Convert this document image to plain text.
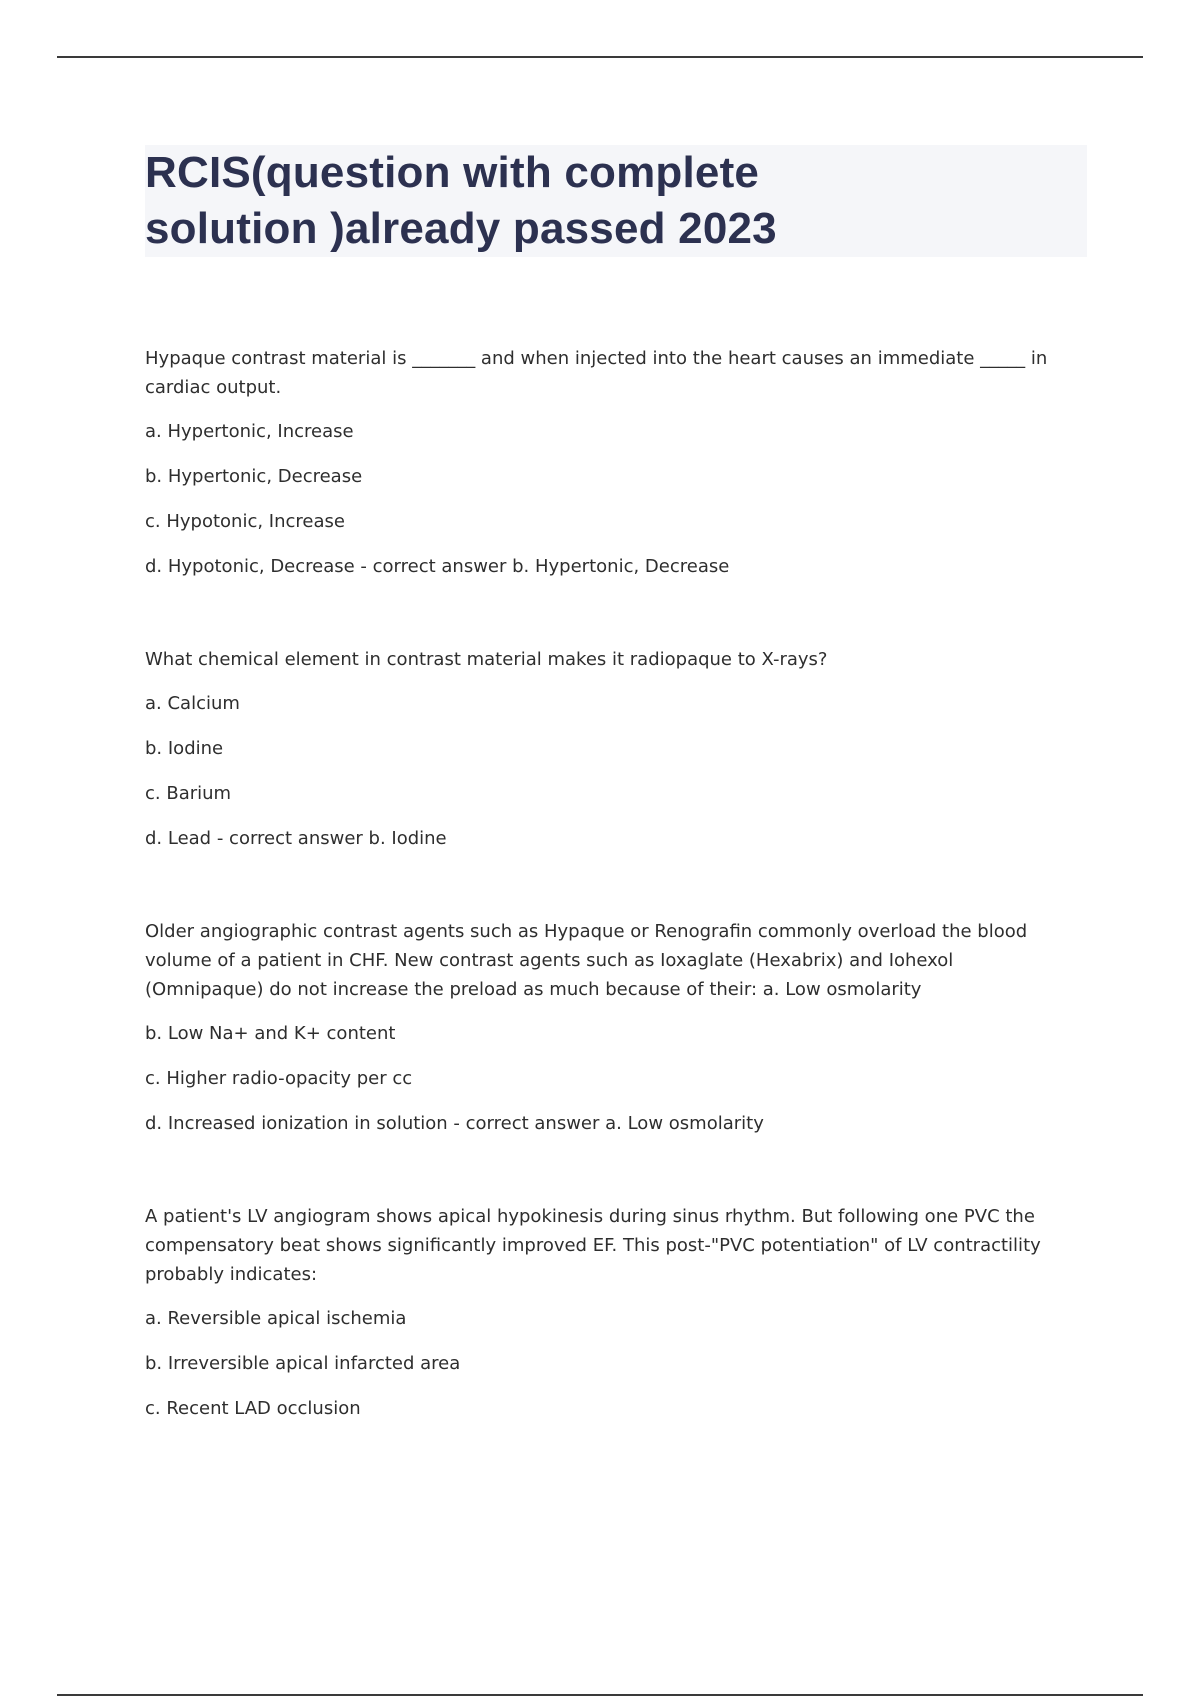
RCIS(question with complete
solution )already passed 2023

Hypaque contrast material is _______ and when injected into the heart causes an immediate _____ in cardiac output.

a. Hypertonic, Increase

b. Hypertonic, Decrease

c. Hypotonic, Increase

d. Hypotonic, Decrease - correct answer b. Hypertonic, Decrease

What chemical element in contrast material makes it radiopaque to X-rays?

a. Calcium

b. Iodine

c. Barium

d. Lead - correct answer b. Iodine

Older angiographic contrast agents such as Hypaque or Renografin commonly overload the blood volume of a patient in CHF. New contrast agents such as Ioxaglate (Hexabrix) and Iohexol (Omnipaque) do not increase the preload as much because of their: a. Low osmolarity

b. Low Na+ and K+ content

c. Higher radio-opacity per cc

d. Increased ionization in solution - correct answer a. Low osmolarity

A patient's LV angiogram shows apical hypokinesis during sinus rhythm. But following one PVC the compensatory beat shows significantly improved EF. This post-"PVC potentiation" of LV contractility probably indicates:

a. Reversible apical ischemia

b. Irreversible apical infarcted area

c. Recent LAD occlusion
